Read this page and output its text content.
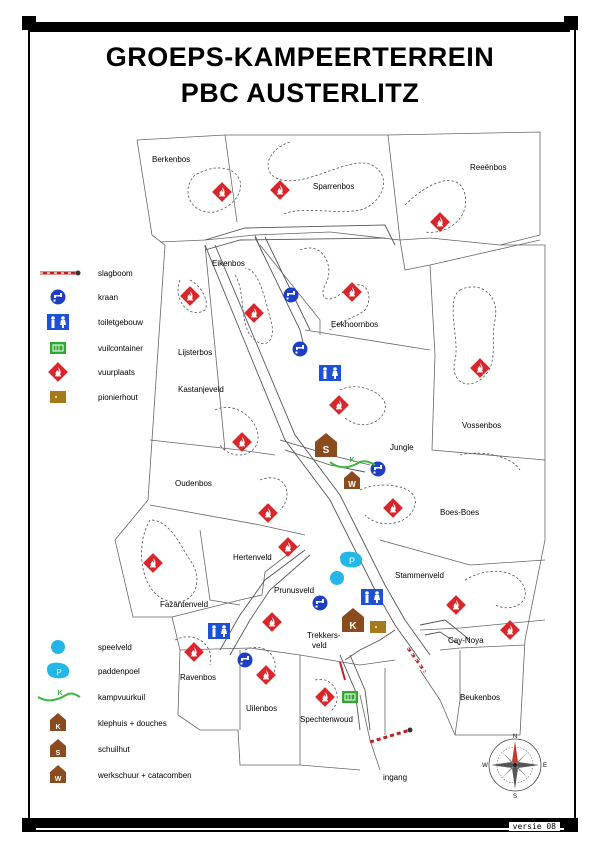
GROEPS-KAMPEERTERREIN
PBC AUSTERLITZ
versie 08
P
S
W
K
K
Berkenbos
Sparrenbos
Reeënbos
Eikenbos
Eekhoornbos
Lijsterbos
Kastanjeveld
Vossenbos
Jungle
Oudenbos
Boes-Boes
Hertenveld
Stammenveld
Prunusveld
Fazantenveld
Trekkers-
veld
Cay-Noya
Ravenbos
Beukenbos
Uilenbos
Spechtenwoud
ingang
slagboom
kraan
toiletgebouw
vuilcontainer
vuurplaats
pionierhout
speelveld
P	paddenpoel
K	kampvuurkuil
K	klephuis + douches
S	schuilhut
W	werkschuur + catacomben
N
E
S
W
